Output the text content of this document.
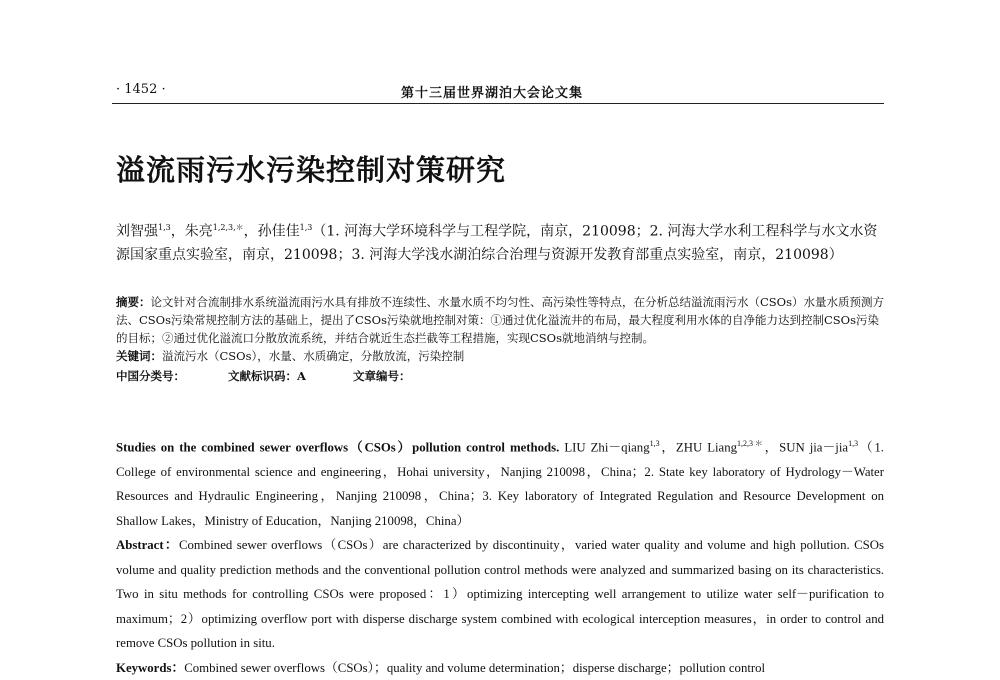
· 1452 ·	第十三届世界湖泊大会论文集
溢流雨污水污染控制对策研究
刘智强$^{1,3}$，朱亮$^{1,2,3,*}$，孙佳佳$^{1,3}$（1. 河海大学环境科学与工程学院，南京，210098；2. 河海大学水利工程科学与水文水资源国家重点实验室，南京，210098；3. 河海大学浅水湖泊综合治理与资源开发教育部重点实验室，南京，210098）
摘要：论文针对合流制排水系统溢流雨污水具有排放不连续性、水量水质不均匀性、高污染性等特点，在分析总结溢流雨污水（CSOs）水量水质预测方法、CSOs污染常规控制方法的基础上，提出了CSOs污染就地控制对策：①通过优化溢流井的布局，最大程度利用水体的自净能力达到控制CSOs污染的目标；②通过优化溢流口分散放流系统，并结合就近生态拦截等工程措施，实现CSOs就地消纳与控制。
关键词：溢流污水（CSOs），水量、水质确定，分散放流，污染控制
中国分类号：	文献标识码：A	文章编号：

Studies on the combined sewer overflows（CSOs）pollution control methods. LIU Zhi－qiang$^{1,3}$，ZHU Liang$^{1,2,3*}$，SUN jia－jia$^{1,3}$（1. College of environmental science and engineering，Hohai university，Nanjing 210098，China；2. State key laboratory of Hydrology－Water Resources and Hydraulic Engineering，Nanjing 210098，China；3. Key laboratory of Integrated Regulation and Resource Development on Shallow Lakes，Ministry of Education，Nanjing 210098，China）

Abstract：Combined sewer overflows（CSOs）are characterized by discontinuity，varied water quality and volume and high pollution. CSOs volume and quality prediction methods and the conventional pollution control methods were analyzed and summarized basing on its characteristics. Two in situ methods for controlling CSOs were proposed：1）optimizing intercepting well arrangement to utilize water self－purification to maximum；2）optimizing overflow port with disperse discharge system combined with ecological interception measures，in order to control and remove CSOs pollution in situ.

Keywords：Combined sewer overflows（CSOs）；quality and volume determination；disperse discharge；pollution control
